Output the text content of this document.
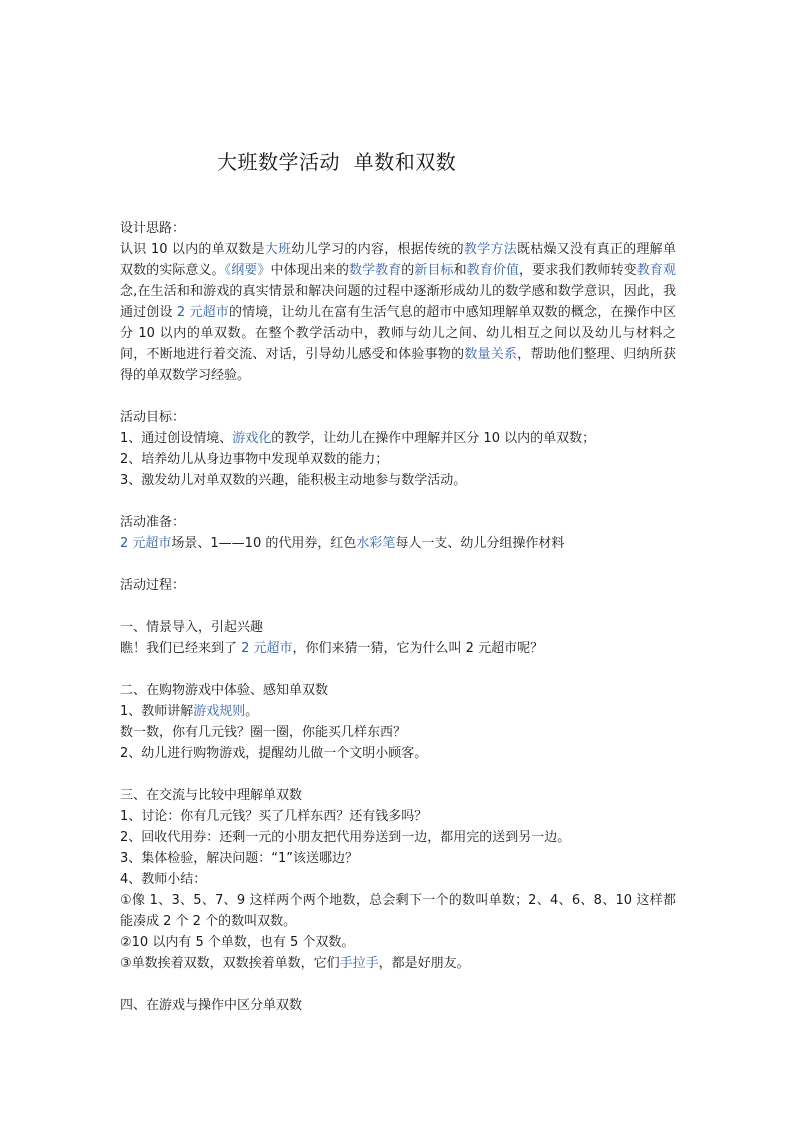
大班数学活动  单数和双数

设计思路：

认识 10 以内的单双数是大班幼儿学习的内容，根据传统的教学方法既枯燥又没有真正的理解单双数的实际意义。《纲要》中体现出来的数学教育的新目标和教育价值，要求我们教师转变教育观念,在生活和和游戏的真实情景和解决问题的过程中逐渐形成幼儿的数学感和数学意识，因此，我通过创设 2 元超市的情境，让幼儿在富有生活气息的超市中感知理解单双数的概念，在操作中区分 10 以内的单双数。在整个教学活动中，教师与幼儿之间、幼儿相互之间以及幼儿与材料之间，不断地进行着交流、对话，引导幼儿感受和体验事物的数量关系，帮助他们整理、归纳所获得的单双数学习经验。

活动目标：

1、通过创设情境、游戏化的教学，让幼儿在操作中理解并区分 10 以内的单双数；

2、培养幼儿从身边事物中发现单双数的能力；

3、激发幼儿对单双数的兴趣，能积极主动地参与数学活动。

活动准备：

2 元超市场景、1——10 的代用券，红色水彩笔每人一支、幼儿分组操作材料

活动过程：

一、情景导入，引起兴趣

瞧！我们已经来到了 2 元超市，你们来猜一猜，它为什么叫 2 元超市呢？

二、在购物游戏中体验、感知单双数

1、教师讲解游戏规则。

数一数，你有几元钱？圈一圈，你能买几样东西？

2、幼儿进行购物游戏，提醒幼儿做一个文明小顾客。

三、在交流与比较中理解单双数

1、讨论：你有几元钱？买了几样东西？还有钱多吗？

2、回收代用券：还剩一元的小朋友把代用券送到一边，都用完的送到另一边。

3、集体检验，解决问题：“1”该送哪边？

4、教师小结：

①像 1、3、5、7、9 这样两个两个地数，总会剩下一个的数叫单数；2、4、6、8、10 这样都能凑成 2 个 2 个的数叫双数。

②10 以内有 5 个单数，也有 5 个双数。

③单数挨着双数，双数挨着单数，它们手拉手，都是好朋友。

四、在游戏与操作中区分单双数
